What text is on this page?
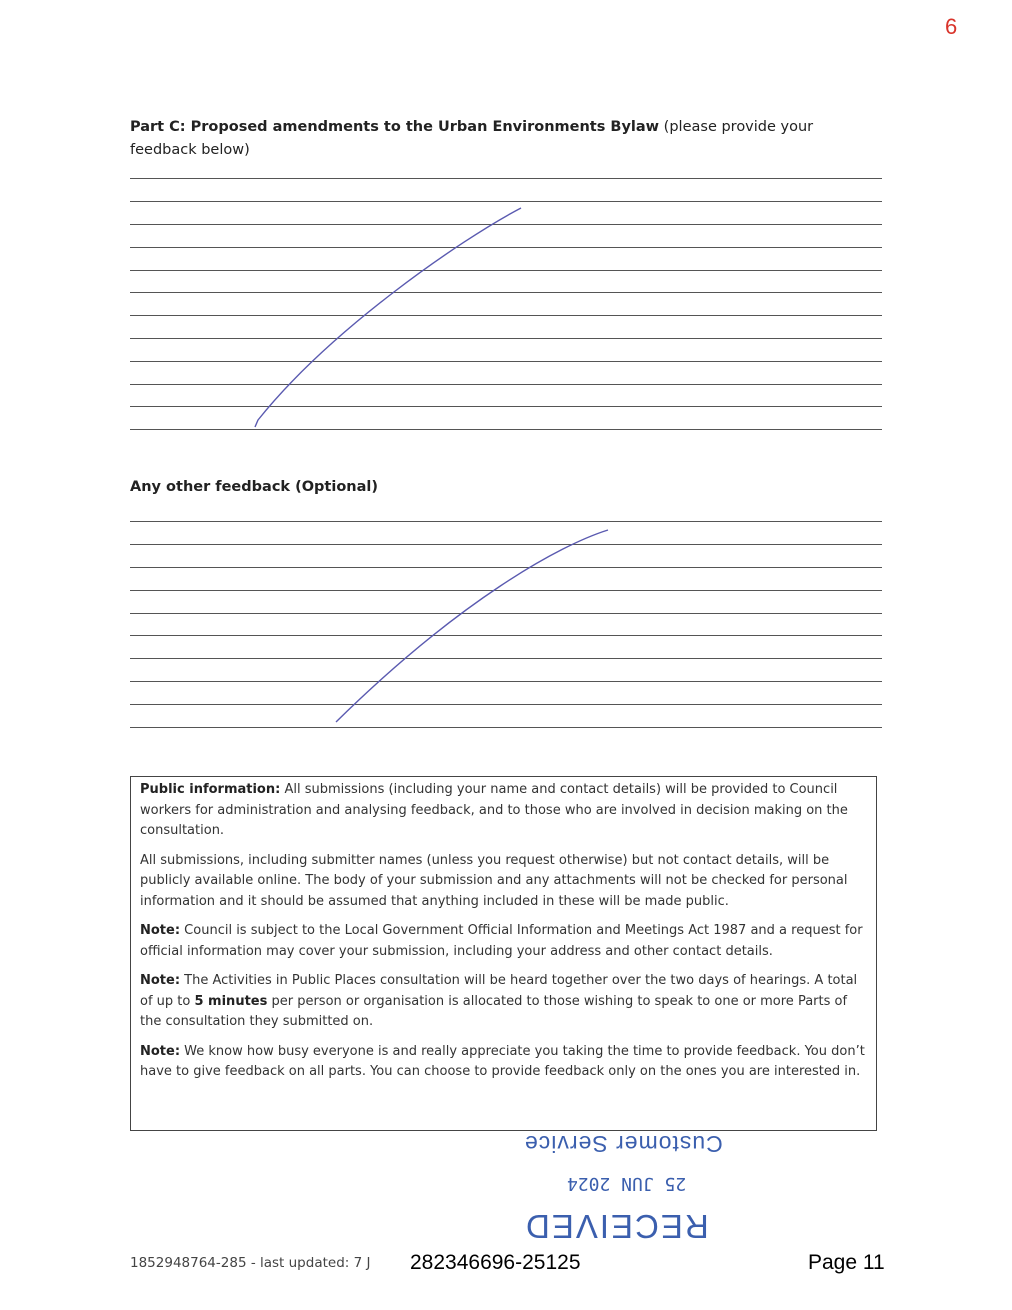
6
Part C: Proposed amendments to the Urban Environments Bylaw (please provide your feedback below)
Any other feedback (Optional)

Public information: All submissions (including your name and contact details) will be provided to Council workers for administration and analysing feedback, and to those who are involved in decision making on the consultation.

All submissions, including submitter names (unless you request otherwise) but not contact details, will be publicly available online. The body of your submission and any attachments will not be checked for personal information and it should be assumed that anything included in these will be made public.

Note: Council is subject to the Local Government Official Information and Meetings Act 1987 and a request for official information may cover your submission, including your address and other contact details.

Note: The Activities in Public Places consultation will be heard together over the two days of hearings. A total of up to 5 minutes per person or organisation is allocated to those wishing to speak to one or more Parts of the consultation they submitted on.

Note: We know how busy everyone is and really appreciate you taking the time to provide feedback. You don’t have to give feedback on all parts. You can choose to provide feedback only on the ones you are interested in.

Customer Service
25 JUN 2024
RECEIVED
1852948764-285 - last updated: 7 J 282346696-25125	Page 11
